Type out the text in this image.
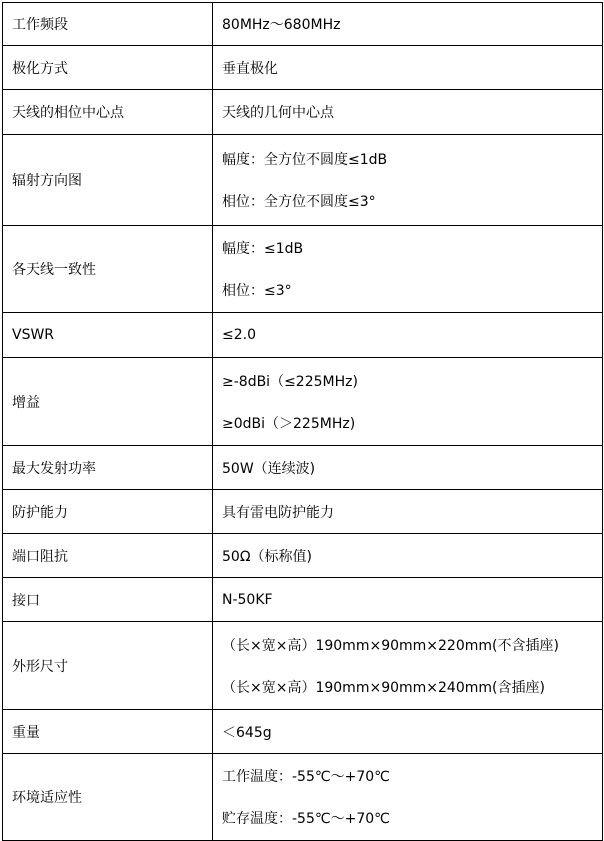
工作频段	80MHz～680MHz

极化方式	垂直极化

天线的相位中心点	天线的几何中心点

辐射方向图	幅度：全方位不圆度≤1dB
相位：全方位不圆度≤3°

各天线一致性	幅度：≤1dB
相位：≤3°

VSWR	≤2.0

增益	≥-8dBi（≤225MHz)
≥0dBi（＞225MHz)

最大发射功率	50W（连续波)

防护能力	具有雷电防护能力

端口阻抗	50Ω（标称值)

接口	N-50KF

外形尺寸	（长×宽×高）190mm×90mm×220mm(不含插座)
（长×宽×高）190mm×90mm×240mm(含插座)

重量	＜645g

环境适应性	工作温度：-55℃～+70℃
贮存温度：-55℃～+70℃
